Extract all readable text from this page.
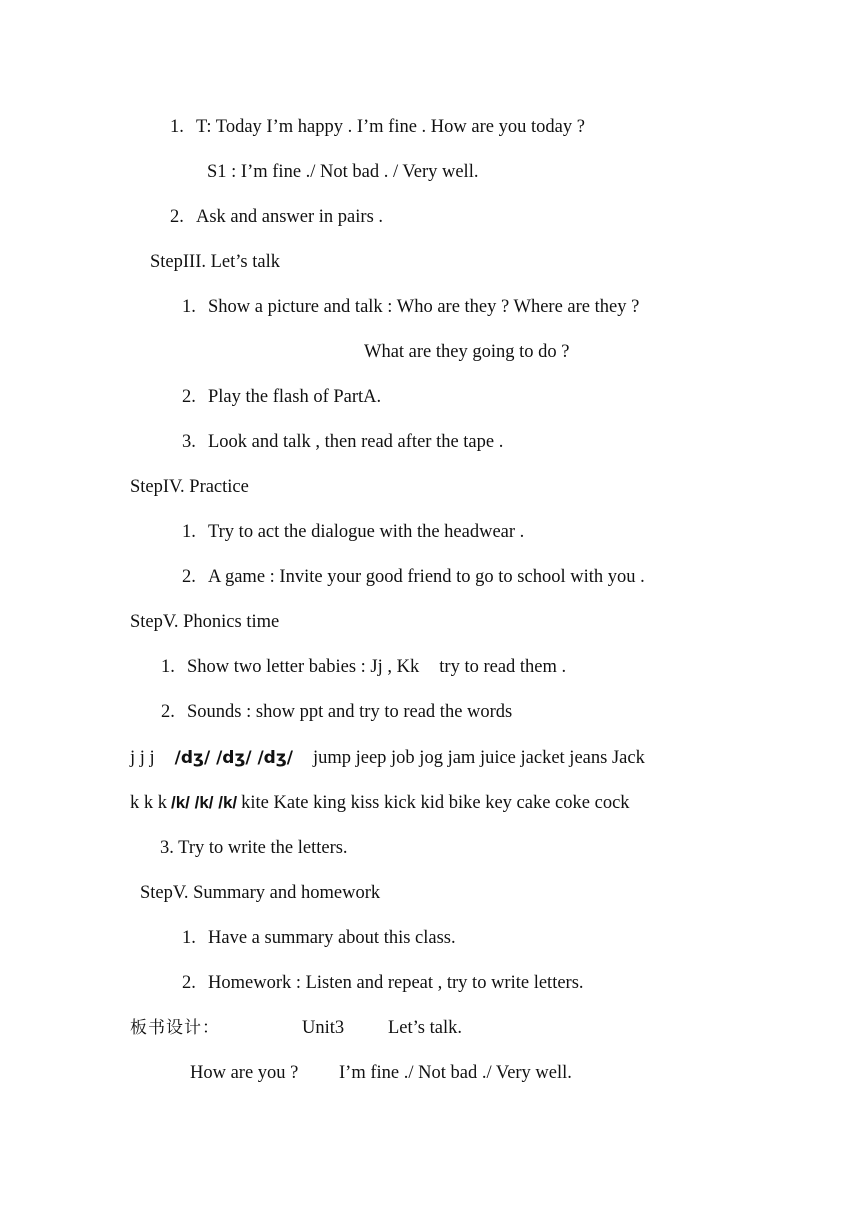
1. T: Today I’m happy . I’m fine . How are you today ?
S1 : I’m fine ./ Not bad . / Very well.
2. Ask and answer in pairs .
StepIII. Let’s talk
1. Show a picture and talk : Who are they ? Where are they ?
What are they going to do ?
2. Play the flash of PartA.
3. Look and talk , then read after the tape .
StepIV. Practice
1. Try to act the dialogue with the headwear .
2. A game : Invite your good friend to go to school with you .
StepV. Phonics time
1. Show two letter babies : Jj , Kk try to read them .
2. Sounds : show ppt and try to read the words
j j j /dʒ/ /dʒ/ /dʒ/ jump jeep job jog jam juice jacket jeans Jack
k k k /k/ /k/ /k/ kite Kate king kiss kick kid bike key cake coke cock
3. Try to write the letters.
StepV. Summary and homework
1. Have a summary about this class.
2. Homework : Listen and repeat , try to write letters.
板书设计：	Unit3 Let’s talk.
How are you ? I’m fine ./ Not bad ./ Very well.
